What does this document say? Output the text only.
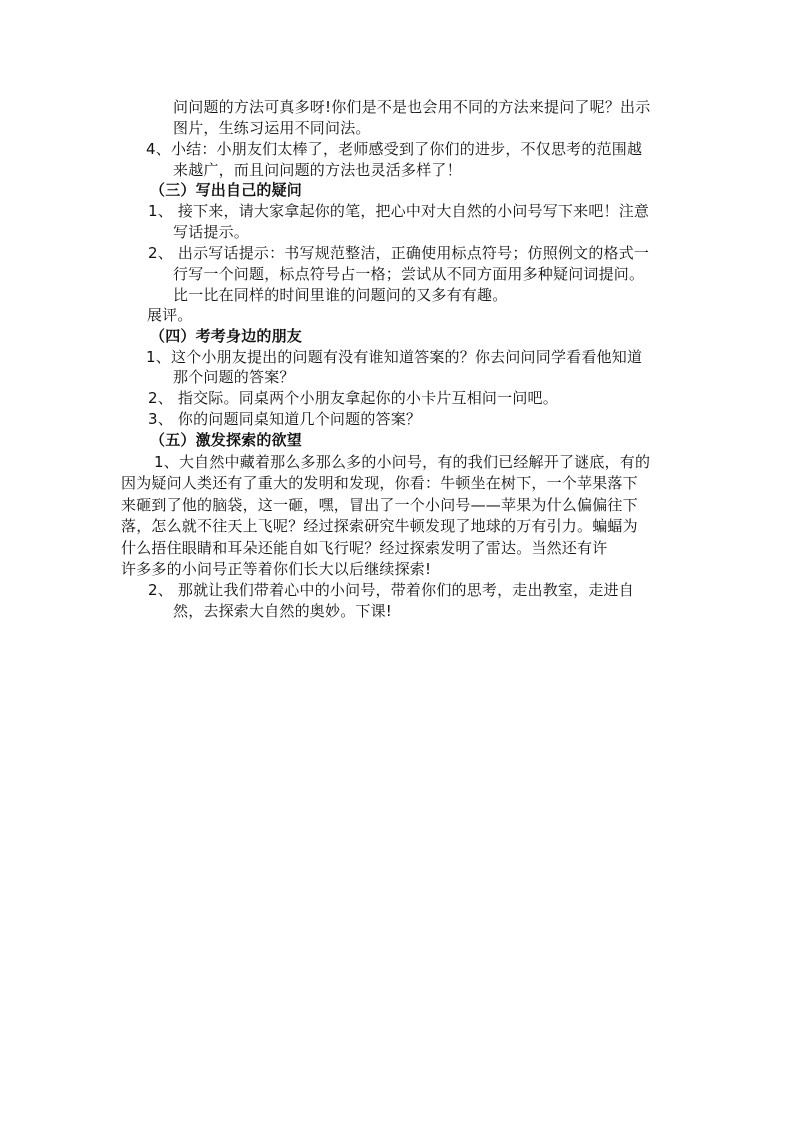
问问题的方法可真多呀!你们是不是也会用不同的方法来提问了呢？出示
图片，生练习运用不同问法。
4、小结：小朋友们太棒了，老师感受到了你们的进步，不仅思考的范围越
来越广，而且问问题的方法也灵活多样了！
（三）写出自己的疑问
1、 接下来，请大家拿起你的笔，把心中对大自然的小问号写下来吧！注意
写话提示。
2、 出示写话提示：书写规范整洁，正确使用标点符号；仿照例文的格式一
行写一个问题，标点符号占一格；尝试从不同方面用多种疑问词提问。
比一比在同样的时间里谁的问题问的又多有有趣。
展评。
（四）考考身边的朋友
1、这个小朋友提出的问题有没有谁知道答案的？你去问问同学看看他知道
那个问题的答案？
2、 指交际。同桌两个小朋友拿起你的小卡片互相问一问吧。
3、 你的问题同桌知道几个问题的答案？
（五）激发探索的欲望
1、大自然中藏着那么多那么多的小问号，有的我们已经解开了谜底，有的
因为疑问人类还有了重大的发明和发现，你看：牛顿坐在树下，一个苹果落下
来砸到了他的脑袋，这一砸，嘿，冒出了一个小问号——苹果为什么偏偏往下
落，怎么就不往天上飞呢？经过探索研究牛顿发现了地球的万有引力。蝙蝠为
什么捂住眼睛和耳朵还能自如飞行呢？经过探索发明了雷达。当然还有许
许多多的小问号正等着你们长大以后继续探索!
2、 那就让我们带着心中的小问号，带着你们的思考，走出教室，走进自
然，去探索大自然的奥妙。下课!
